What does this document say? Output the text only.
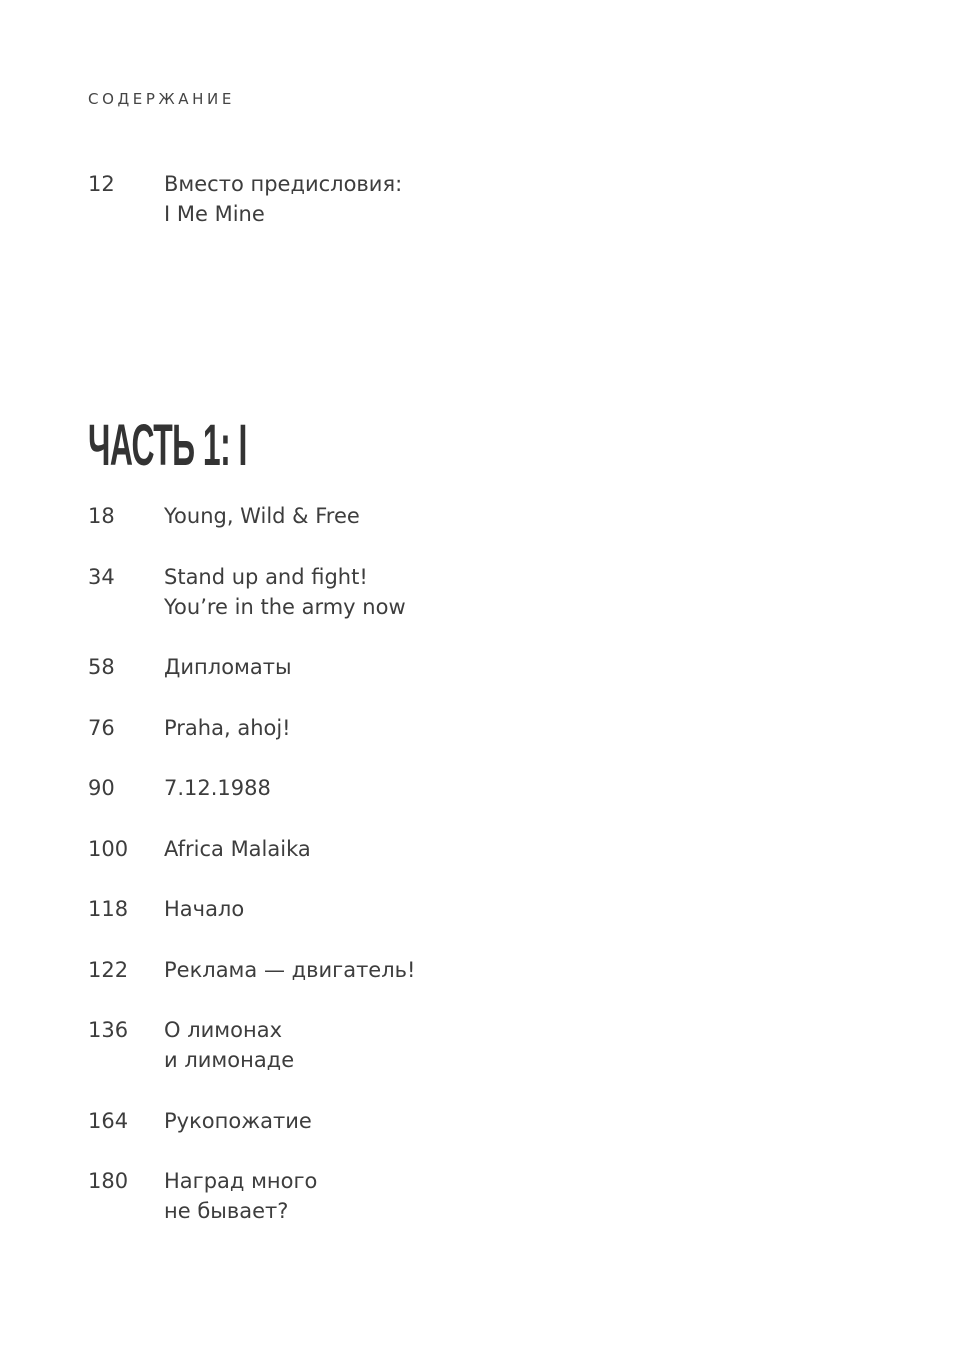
СОДЕРЖАНИЕ
12	Вместо предисловия:
I Me Mine
ЧАСТЬ 1: I
18	Young, Wild & Free
34	Stand up and fight!
You’re in the army now
58	Дипломаты
76	Praha, ahoj!
90	7.12.1988
100	Africa Malaika
118	Начало
122	Реклама — двигатель!
136	О лимонах
и лимонаде
164	Рукопожатие
180	Наград много
не бывает?
